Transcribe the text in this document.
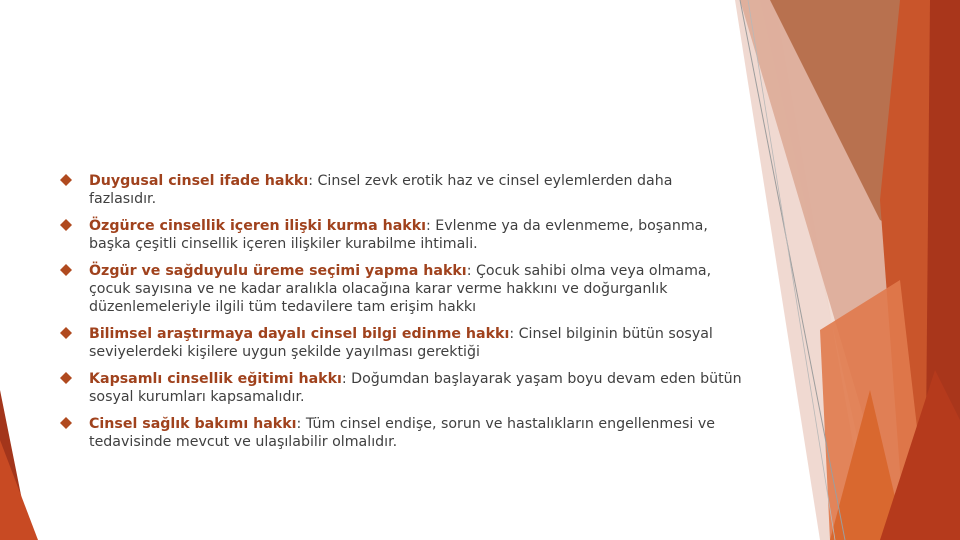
Duygusal cinsel ifade hakkı: Cinsel zevk erotik haz ve cinsel eylemlerden daha fazlasıdır.
Özgürce cinsellik içeren ilişki kurma hakkı: Evlenme ya da evlenmeme, boşanma, başka çeşitli cinsellik içeren ilişkiler kurabilme ihtimali.
Özgür ve sağduyulu üreme seçimi yapma hakkı: Çocuk sahibi olma veya olmama, çocuk sayısına ve ne kadar aralıkla olacağına karar verme hakkını ve doğurganlık düzenlemeleriyle ilgili tüm tedavilere tam erişim hakkı
Bilimsel araştırmaya dayalı cinsel bilgi edinme hakkı: Cinsel bilginin bütün sosyal seviyelerdeki kişilere uygun şekilde yayılması gerektiği
Kapsamlı cinsellik eğitimi hakkı: Doğumdan başlayarak yaşam boyu devam eden bütün sosyal kurumları kapsamalıdır.
Cinsel sağlık bakımı hakkı: Tüm cinsel endişe, sorun ve hastalıkların engellenmesi ve tedavisinde mevcut ve ulaşılabilir olmalıdır.
